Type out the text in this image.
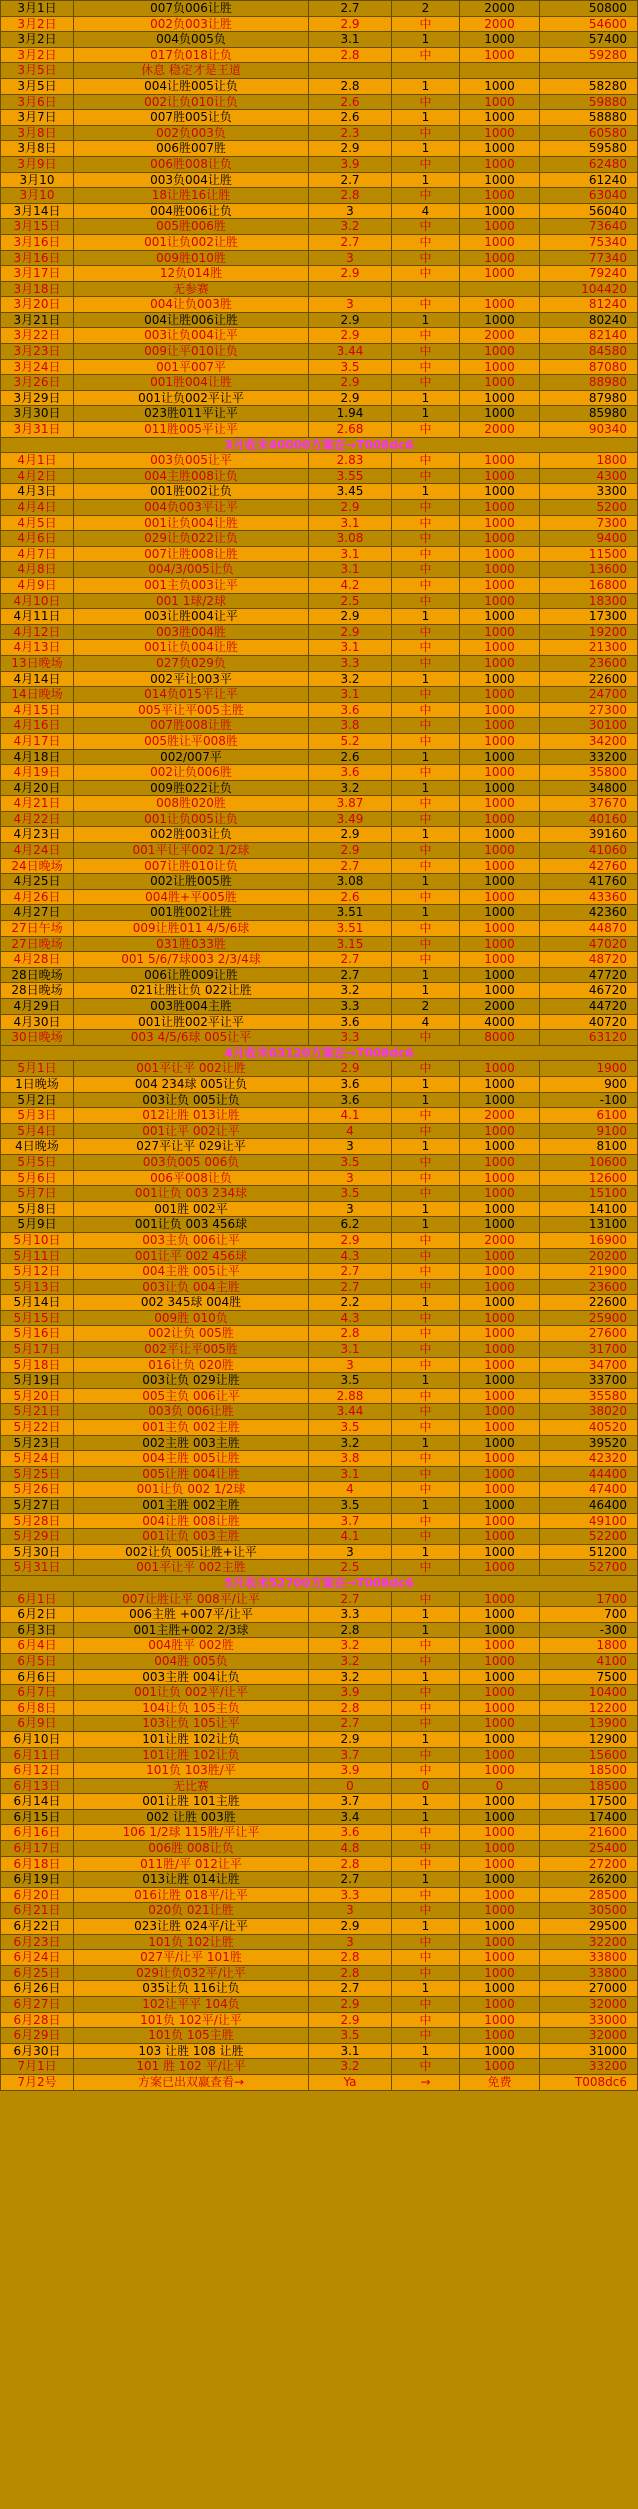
3月1日	007负006让胜	2.7	2	2000	50800
3月2日	002负003让胜	2.9	中	2000	54600
3月2日	004负005负	3.1	1	1000	57400
3月2日	017负018让负	2.8	中	1000	59280
3月5日	休息 稳定才是王道				
3月5日	004让胜005让负	2.8	1	1000	58280
3月6日	002让负010让负	2.6	中	1000	59880
3月7日	007胜005让负	2.6	1	1000	58880
3月8日	002负003负	2.3	中	1000	60580
3月8日	006胜007胜	2.9	1	1000	59580
3月9日	006胜008让负	3.9	中	1000	62480
3月10	003负004让胜	2.7	1	1000	61240
3月10	18让胜16让胜	2.8	中	1000	63040
3月14日	004胜006让负	3	4	1000	56040
3月15日	005胜006胜	3.2	中	1000	73640
3月16日	001让负002让胜	2.7	中	1000	75340
3月16日	009胜010胜	3	中	1000	77340
3月17日	12负014胜	2.9	中	1000	79240
3月18日	无参赛				104420
3月20日	004让负003胜	3	中	1000	81240
3月21日	004让胜006让胜	2.9	1	1000	80240
3月22日	003让负004让平	2.9	中	2000	82140
3月23日	009让平010让负	3.44	中	1000	84580
3月24日	001平007平	3.5	中	1000	87080
3月26日	001胜004让胜	2.9	中	1000	88980
3月29日	001让负002平让平	2.9	1	1000	87980
3月30日	023胜011平让平	1.94	1	1000	85980
3月31日	011胜005平让平	2.68	中	2000	90340
3月收米40000方案在→T008dc6					
4月1日	003负005让平	2.83	中	1000	1800
4月2日	004主胜008让负	3.55	中	1000	4300
4月3日	001胜002让负	3.45	1	1000	3300
4月4日	004负003平让平	2.9	中	1000	5200
4月5日	001让负004让胜	3.1	中	1000	7300
4月6日	029让负022让负	3.08	中	1000	9400
4月7日	007让胜008让胜	3.1	中	1000	11500
4月8日	004/3/005让负	3.1	中	1000	13600
4月9日	001主负003让平	4.2	中	1000	16800
4月10日	001 1球/2球	2.5	中	1000	18300
4月11日	003让胜004让平	2.9	1	1000	17300
4月12日	003胜004胜	2.9	中	1000	19200
4月13日	001让负004让胜	3.1	中	1000	21300
13日晚场	027负029负	3.3	中	1000	23600
4月14日	002平让003平	3.2	1	1000	22600
14日晚场	014负015平让平	3.1	中	1000	24700
4月15日	005平让平005主胜	3.6	中	1000	27300
4月16日	007胜008让胜	3.8	中	1000	30100
4月17日	005胜让平008胜	5.2	中	1000	34200
4月18日	002/007平	2.6	1	1000	33200
4月19日	002让负006胜	3.6	中	1000	35800
4月20日	009胜022让负	3.2	1	1000	34800
4月21日	008胜020胜	3.87	中	1000	37670
4月22日	001让负005让负	3.49	中	1000	40160
4月23日	002胜003让负	2.9	1	1000	39160
4月24日	001平让平002 1/2球	2.9	中	1000	41060
24日晚场	007让胜010让负	2.7	中	1000	42760
4月25日	002让胜005胜	3.08	1	1000	41760
4月26日	004胜+平005胜	2.6	中	1000	43360
4月27日	001胜002让胜	3.51	1	1000	42360
27日午场	009让胜011 4/5/6球	3.51	中	1000	44870
27日晚场	031胜033胜	3.15	中	1000	47020
4月28日	001 5/6/7球003 2/3/4球	2.7	中	1000	48720
28日晚场	006让胜009让胜	2.7	1	1000	47720
28日晚场	021让胜让负 022让胜	3.2	1	1000	46720
4月29日	003胜004主胜	3.3	2	2000	44720
4月30日	001让胜002平让平	3.6	4	4000	40720
30日晚场	003 4/5/6球 005让平	3.3	中	8000	63120
4月收米63120方案在→T008dc6					
5月1日	001平让平 002让胜	2.9	中	1000	1900
1日晚场	004 234球 005让负	3.6	1	1000	900
5月2日	003让负 005让负	3.6	1	1000	-100
5月3日	012让胜 013让胜	4.1	中	2000	6100
5月4日	001让平 002让平	4	中	1000	9100
4日晚场	027平让平 029让平	3	1	1000	8100
5月5日	003负005 006负	3.5	中	1000	10600
5月6日	006平008让负	3	中	1000	12600
5月7日	001让负 003 234球	3.5	中	1000	15100
5月8日	001胜 002平	3	1	1000	14100
5月9日	001让负 003 456球	6.2	1	1000	13100
5月10日	003主负 006让平	2.9	中	2000	16900
5月11日	001让平 002 456球	4.3	中	1000	20200
5月12日	004主胜 005让平	2.7	中	1000	21900
5月13日	003让负 004主胜	2.7	中	1000	23600
5月14日	002 345球 004胜	2.2	1	1000	22600
5月15日	009胜 010负	4.3	中	1000	25900
5月16日	002让负 005胜	2.8	中	1000	27600
5月17日	002平让平005胜	3.1	中	1000	31700
5月18日	016让负 020胜	3	中	1000	34700
5月19日	003让负 029让胜	3.5	1	1000	33700
5月20日	005主负 006让平	2.88	中	1000	35580
5月21日	003负 006让胜	3.44	中	1000	38020
5月22日	001主负 002主胜	3.5	中	1000	40520
5月23日	002主胜 003主胜	3.2	1	1000	39520
5月24日	004主胜 005让胜	3.8	中	1000	42320
5月25日	005让胜 004让胜	3.1	中	1000	44400
5月26日	001让负 002 1/2球	4	中	1000	47400
5月27日	001主胜 002主胜	3.5	1	1000	46400
5月28日	004让胜 008让胜	3.7	中	1000	49100
5月29日	001让负 003主胜	4.1	中	1000	52200
5月30日	002让负 005让胜+让平	3	1	1000	51200
5月31日	001平让平 002主胜	2.5	中	1000	52700
5月收米52700方案在→T008dc6					
6月1日	007让胜让平 008平/让平	2.7	中	1000	1700
6月2日	006主胜 +007平/让平	3.3	1	1000	700
6月3日	001主胜+002 2/3球	2.8	1	1000	-300
6月4日	004胜平 002胜	3.2	中	1000	1800
6月5日	004胜 005负	3.2	中	1000	4100
6月6日	003主胜 004让负	3.2	1	1000	7500
6月7日	001让负 002平/让平	3.9	中	1000	10400
6月8日	104让负 105主负	2.8	中	1000	12200
6月9日	103让负 105让平	2.7	中	1000	13900
6月10日	101让胜 102让负	2.9	1	1000	12900
6月11日	101让胜 102让负	3.7	中	1000	15600
6月12日	101负 103胜/平	3.9	中	1000	18500
6月13日	无比赛	0	0	0	18500
6月14日	001让胜 101主胜	3.7	1	1000	17500
6月15日	002 让胜 003胜	3.4	1	1000	17400
6月16日	106 1/2球 115胜/平让平	3.6	中	1000	21600
6月17日	006胜 008让负	4.8	中	1000	25400
6月18日	011胜/平 012让平	2.8	中	1000	27200
6月19日	013让胜 014让胜	2.7	1	1000	26200
6月20日	016让胜 018平/让平	3.3	中	1000	28500
6月21日	020负 021让胜	3	中	1000	30500
6月22日	023让胜 024平/让平	2.9	1	1000	29500
6月23日	101负 102让胜	3	中	1000	32200
6月24日	027平/让平 101胜	2.8	中	1000	33800
6月25日	029让负032平/让平	2.8	中	1000	33800
6月26日	035让负 116让负	2.7	1	1000	27000
6月27日	102让平平 104负	2.9	中	1000	32000
6月28日	101负 102平/让平	2.9	中	1000	33000
6月29日	101负 105主胜	3.5	中	1000	32000
6月30日	103 让胜 108 让胜	3.1	1	1000	31000
7月1日	101 胜 102 平/让平	3.2	中	1000	33200
7月2号	方案已出双赢查看→	Ya	→	免费	T008dc6
